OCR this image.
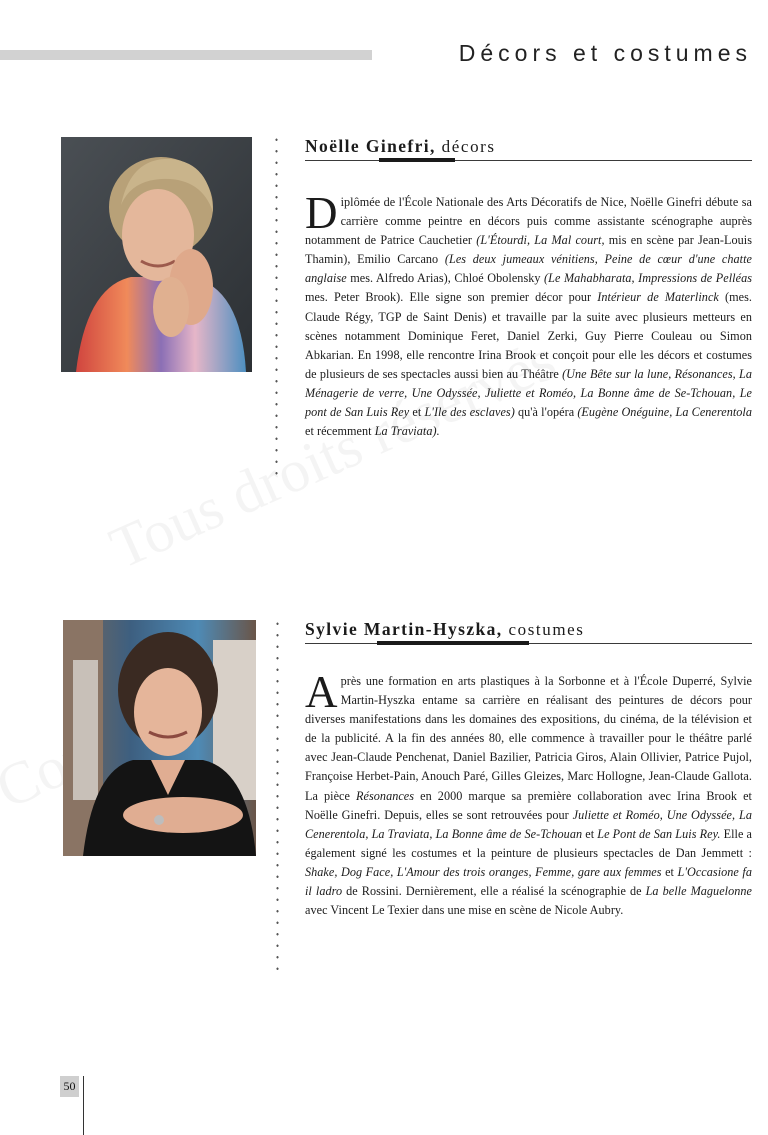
Décors et costumes
Noëlle Ginefri, décors
Diplômée de l'École Nationale des Arts Décoratifs de Nice, Noëlle Ginefri débute sa carrière comme peintre en décors puis comme assistante scénographe auprès notamment de Patrice Cauchetier (L'Étourdi, La Mal court, mis en scène par Jean-Louis Thamin), Emilio Carcano (Les deux jumeaux vénitiens, Peine de cœur d'une chatte anglaise mes. Alfredo Arias), Chloé Obolensky (Le Mahabharata, Impressions de Pelléas mes. Peter Brook). Elle signe son premier décor pour Intérieur de Materlinck (mes. Claude Régy, TGP de Saint Denis) et travaille par la suite avec plusieurs metteurs en scènes notamment Dominique Feret, Daniel Zerki, Guy Pierre Couleau ou Simon Abkarian. En 1998, elle rencontre Irina Brook et conçoit pour elle les décors et costumes de plusieurs de ses spectacles aussi bien au Théâtre (Une Bête sur la lune, Résonances, La Ménagerie de verre, Une Odyssée, Juliette et Roméo, La Bonne âme de Se-Tchouan, Le pont de San Luis Rey et L'Ile des esclaves) qu'à l'opéra (Eugène Onéguine, La Cenerentola et récemment La Traviata).
Sylvie Martin-Hyszka, costumes
Après une formation en arts plastiques à la Sorbonne et à l'École Duperré, Sylvie Martin-Hyszka entame sa carrière en réalisant des peintures de décors pour diverses manifestations dans les domaines des expositions, du cinéma, de la télévision et de la publicité. A la fin des années 80, elle commence à travailler pour le théâtre parlé avec Jean-Claude Penchenat, Daniel Bazilier, Patricia Giros, Alain Ollivier, Patrice Pujol, Françoise Herbet-Pain, Anouch Paré, Gilles Gleizes, Marc Hollogne, Jean-Claude Gallota. La pièce Résonances en 2000 marque sa première collaboration avec Irina Brook et Noëlle Ginefri. Depuis, elles se sont retrouvées pour Juliette et Roméo, Une Odyssée, La Cenerentola, La Traviata, La Bonne âme de Se-Tchouan et Le Pont de San Luis Rey. Elle a également signé les costumes et la peinture de plusieurs spectacles de Dan Jemmett : Shake, Dog Face, L'Amour des trois oranges, Femme, gare aux femmes et L'Occasione fa il ladro de Rossini. Dernièrement, elle a réalisé la scénographie de La belle Maguelonne avec Vincent Le Texier dans une mise en scène de Nicole Aubry.
50
